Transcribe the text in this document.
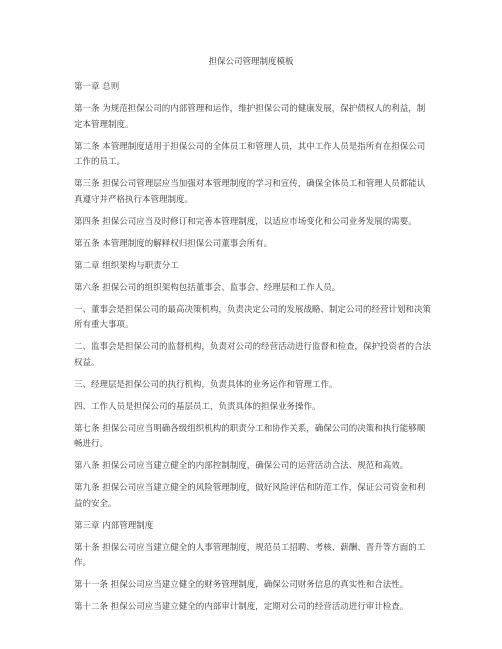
担保公司管理制度模板

第一章 总则

第一条 为规范担保公司的内部管理和运作，维护担保公司的健康发展，保护债权人的利益，制定本管理制度。

第二条 本管理制度适用于担保公司的全体员工和管理人员，其中工作人员是指所有在担保公司工作的员工。

第三条 担保公司管理层应当加强对本管理制度的学习和宣传，确保全体员工和管理人员都能认真遵守并严格执行本管理制度。

第四条 担保公司应当及时修订和完善本管理制度，以适应市场变化和公司业务发展的需要。

第五条 本管理制度的解释权归担保公司董事会所有。

第二章 组织架构与职责分工

第六条 担保公司的组织架构包括董事会、监事会、经理层和工作人员。

一、董事会是担保公司的最高决策机构，负责决定公司的发展战略、制定公司的经营计划和决策所有重大事项。

二、监事会是担保公司的监督机构，负责对公司的经营活动进行监督和检查，保护投资者的合法权益。

三、经理层是担保公司的执行机构，负责具体的业务运作和管理工作。

四、工作人员是担保公司的基层员工，负责具体的担保业务操作。

第七条 担保公司应当明确各级组织机构的职责分工和协作关系，确保公司的决策和执行能够顺畅进行。

第八条 担保公司应当建立健全的内部控制制度，确保公司的运营活动合法、规范和高效。

第九条 担保公司应当建立健全的风险管理制度，做好风险评估和防范工作，保证公司资金和利益的安全。

第三章 内部管理制度

第十条 担保公司应当建立健全的人事管理制度，规范员工招聘、考核、薪酬、晋升等方面的工作。

第十一条 担保公司应当建立健全的财务管理制度，确保公司财务信息的真实性和合法性。

第十二条 担保公司应当建立健全的内部审计制度，定期对公司的经营活动进行审计检查。
